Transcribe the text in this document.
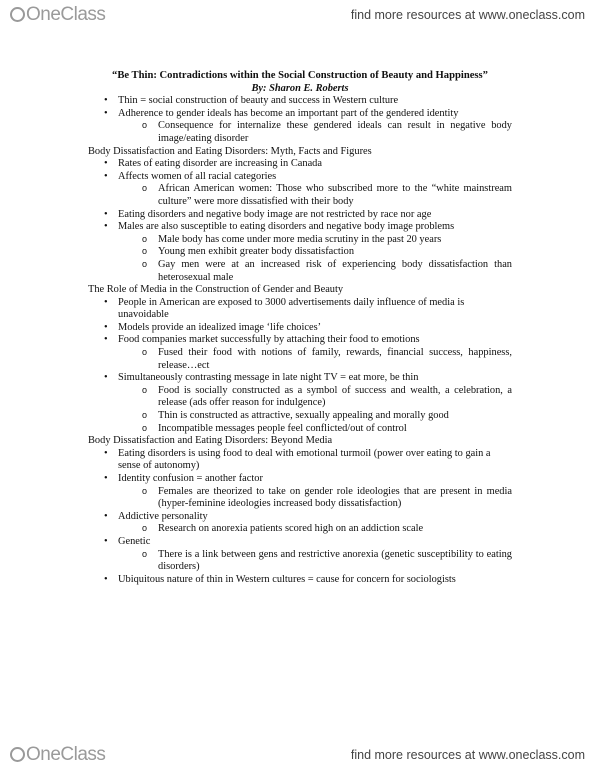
OneClass	find more resources at www.oneclass.com
“Be Thin: Contradictions within the Social Construction of Beauty and Happiness”
By: Sharon E. Roberts
• Thin = social construction of beauty and success in Western culture
• Adherence to gender ideals has become an important part of the gendered identity
o Consequence for internalize these gendered ideals can result in negative body image/eating disorder
Body Dissatisfaction and Eating Disorders: Myth, Facts and Figures
• Rates of eating disorder are increasing in Canada
• Affects women of all racial categories
o African American women: Those who subscribed more to the “white mainstream culture” were more dissatisfied with their body
• Eating disorders and negative body image are not restricted by race nor age
• Males are also susceptible to eating disorders and negative body image problems
o Male body has come under more media scrutiny in the past 20 years
o Young men exhibit greater body dissatisfaction
o Gay men were at an increased risk of experiencing body dissatisfaction than heterosexual male
The Role of Media in the Construction of Gender and Beauty
• People in American are exposed to 3000 advertisements daily influence of media is unavoidable
• Models provide an idealized image ‘life choices’
• Food companies market successfully by attaching their food to emotions
o Fused their food with notions of family, rewards, financial success, happiness, release…ect
• Simultaneously contrasting message in late night TV = eat more, be thin
o Food is socially constructed as a symbol of success and wealth, a celebration, a release (ads offer reason for indulgence)
o Thin is constructed as attractive, sexually appealing and morally good
o Incompatible messages people feel conflicted/out of control
Body Dissatisfaction and Eating Disorders: Beyond Media
• Eating disorders is using food to deal with emotional turmoil (power over eating to gain a sense of autonomy)
• Identity confusion = another factor
o Females are theorized to take on gender role ideologies that are present in media (hyper-feminine ideologies increased body dissatisfaction)
• Addictive personality
o Research on anorexia patients scored high on an addiction scale
• Genetic
o There is a link between gens and restrictive anorexia (genetic susceptibility to eating disorders)
• Ubiquitous nature of thin in Western cultures = cause for concern for sociologists
OneClass	find more resources at www.oneclass.com
